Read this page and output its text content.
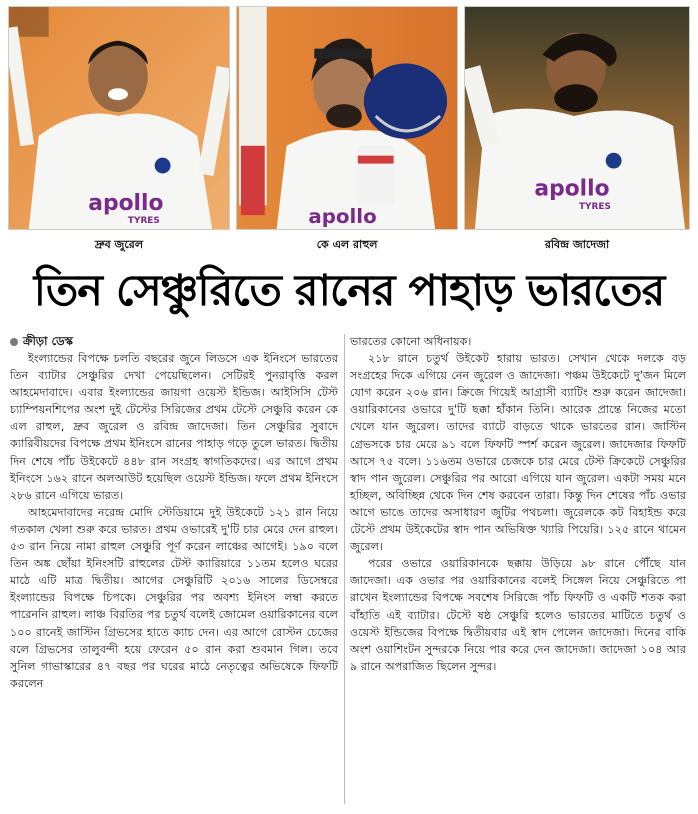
apollo
TYRES	apollo
apollo
TYRES
দ্রুব জুরেল	কে এল রাহুল	রবিন্দ্র জাদেজা
তিন সেঞ্চুরিতে রানের পাহাড় ভারতের
ক্রীড়া ডেস্ক

ইংল্যান্ডের বিপক্ষে চলতি বছরের জুনে লিডসে এক ইনিংসে ভারতের তিন ব্যাটার সেঞ্চুরির দেখা পেয়েছিলেন। সেটিরই পুনরাবৃত্তি করল আহমেদাবাদে। এবার ইংল্যান্ডের জায়গা ওয়েস্ট ইন্ডিজ। আইসিসি টেস্ট চ্যাম্পিয়নশিপের অংশ দুই টেস্টের সিরিজের প্রথম টেস্টে সেঞ্চুরি করেন কে এল রাহুল, দ্রুব জুরেল ও রবিন্দ্র জাদেজা। তিন সেঞ্চুরির সুবাদে ক্যারিবীয়দের বিপক্ষে প্রথম ইনিংসে রানের পাহাড় গড়ে তুলে ভারত। দ্বিতীয় দিন শেষে পাঁচ উইকেটে ৪৪৮ রান সংগ্রহ স্বাগতিকদের। এর আগে প্রথম ইনিংসে ১৬২ রানে অলআউট হয়েছিল ওয়েস্ট ইন্ডিজ। ফলে প্রথম ইনিংসে ২৮৬ রানে এগিয়ে ভারত।

আহমেদাবাদের নরেন্দ্র মোদি স্টেডিয়ামে দুই উইকেটে ১২১ রান নিয়ে গতকাল খেলা শুরু করে ভারত। প্রথম ওভারেই দু'টি চার মেরে দেন রাহুল। ৫৩ রান নিয়ে নামা রাহুল সেঞ্চুরি পূর্ণ করেন লাঞ্চের আগেই। ১৯০ বলে তিন অঙ্ক ছোঁয়া ইনিংসটি রাহুলের টেস্ট ক্যারিয়ারে ১১তম হলেও ঘরের মাঠে এটি মাত্র দ্বিতীয়। আগের সেঞ্চুরিটি ২০১৬ সালের ডিসেম্বরে ইংল্যান্ডের বিপক্ষে চিপকে। সেঞ্চুরির পর অবশ্য ইনিংস লম্বা করতে পারেননি রাহুল। লাঞ্চ বিরতির পর চতুর্থ বলেই জোমেল ওয়ারিকানের বলে ১০০ রানেই জাস্টিন গ্রিভসের হাতে ক্যাচ দেন। এর আগে রোস্টন চেজের বলে গ্রিভসের তালুবন্দী হয়ে ফেরেন ৫০ রান করা শুবমান গিল। তবে সুনিল গাভাস্কারের ৪৭ বছর পর ঘরের মাঠে নেতৃত্বের অভিষেকে ফিফটি করলেন

ভারতের কোনো অধিনায়ক।

২১৮ রানে চতুর্থ উইকেট হারায় ভারত। সেখান থেকে দলকে বড় সংগ্রহের দিকে এগিয়ে নেন জুরেল ও জাদেজা। পঞ্চম উইকেটে দু'জন মিলে যোগ করেন ২০৬ রান। ক্রিজে গিয়েই আগ্রাসী ব্যাটিং শুরু করেন জাদেজা। ওয়ারিকানের ওভারে দু'টি ছক্কা হাঁকান তিনি। আরেক প্রান্তে নিজের মতো খেলে যান জুরেল। তাদের ব্যাটে বাড়তে থাকে ভারতের রান। জাস্টিন গ্রেভসকে চার মেরে ৯১ বলে ফিফটি স্পর্শ করেন জুরেল। জাদেজার ফিফটি আসে ৭৫ বলে। ১১৬তম ওভারে চেজকে চার মেরে টেস্ট ক্রিকেটে সেঞ্চুরির স্বাদ পান জুরেল। সেঞ্চুরির পর আরো এগিয়ে যান জুরেল। একটা সময় মনে হচ্ছিল, অবিচ্ছিন্ন থেকে দিন শেষ করবেন তারা। কিন্তু দিন শেষের পাঁচ ওভার আগে ভাঙে তাদের অসাধারণ জুটির পথচলা। জুরেলকে কট বিহাইন্ড করে টেস্টে প্রথম উইকেটের স্বাদ পান অভিষিক্ত খ্যারি পিয়েরি। ১২৫ রানে থামেন জুরেল।

পরের ওভারে ওয়ারিকানকে ছক্কায় উড়িয়ে ৯৮ রানে পৌঁছে যান জাদেজা। এক ওভার পর ওয়ারিকানের বলেই সিঙ্গেল নিয়ে সেঞ্চুরিতে পা রাখেন ইংল্যান্ডের বিপক্ষে সবশেষ সিরিজে পাঁচ ফিফটি ও একটি শতক করা বাঁহাতি এই ব্যাটার। টেস্টে ষষ্ঠ সেঞ্চুরি হলেও ভারতের মাটিতে চতুর্থ ও ওয়েস্ট ইন্ডিজের বিপক্ষে দ্বিতীয়বার এই স্বাদ পেলেন জাদেজা। দিনের বাকি অংশ ওয়াশিংটন সুন্দরকে নিয়ে পার করে দেন জাদেজা। জাদেজা ১০৪ আর ৯ রানে অপরাজিত ছিলেন সুন্দর।
